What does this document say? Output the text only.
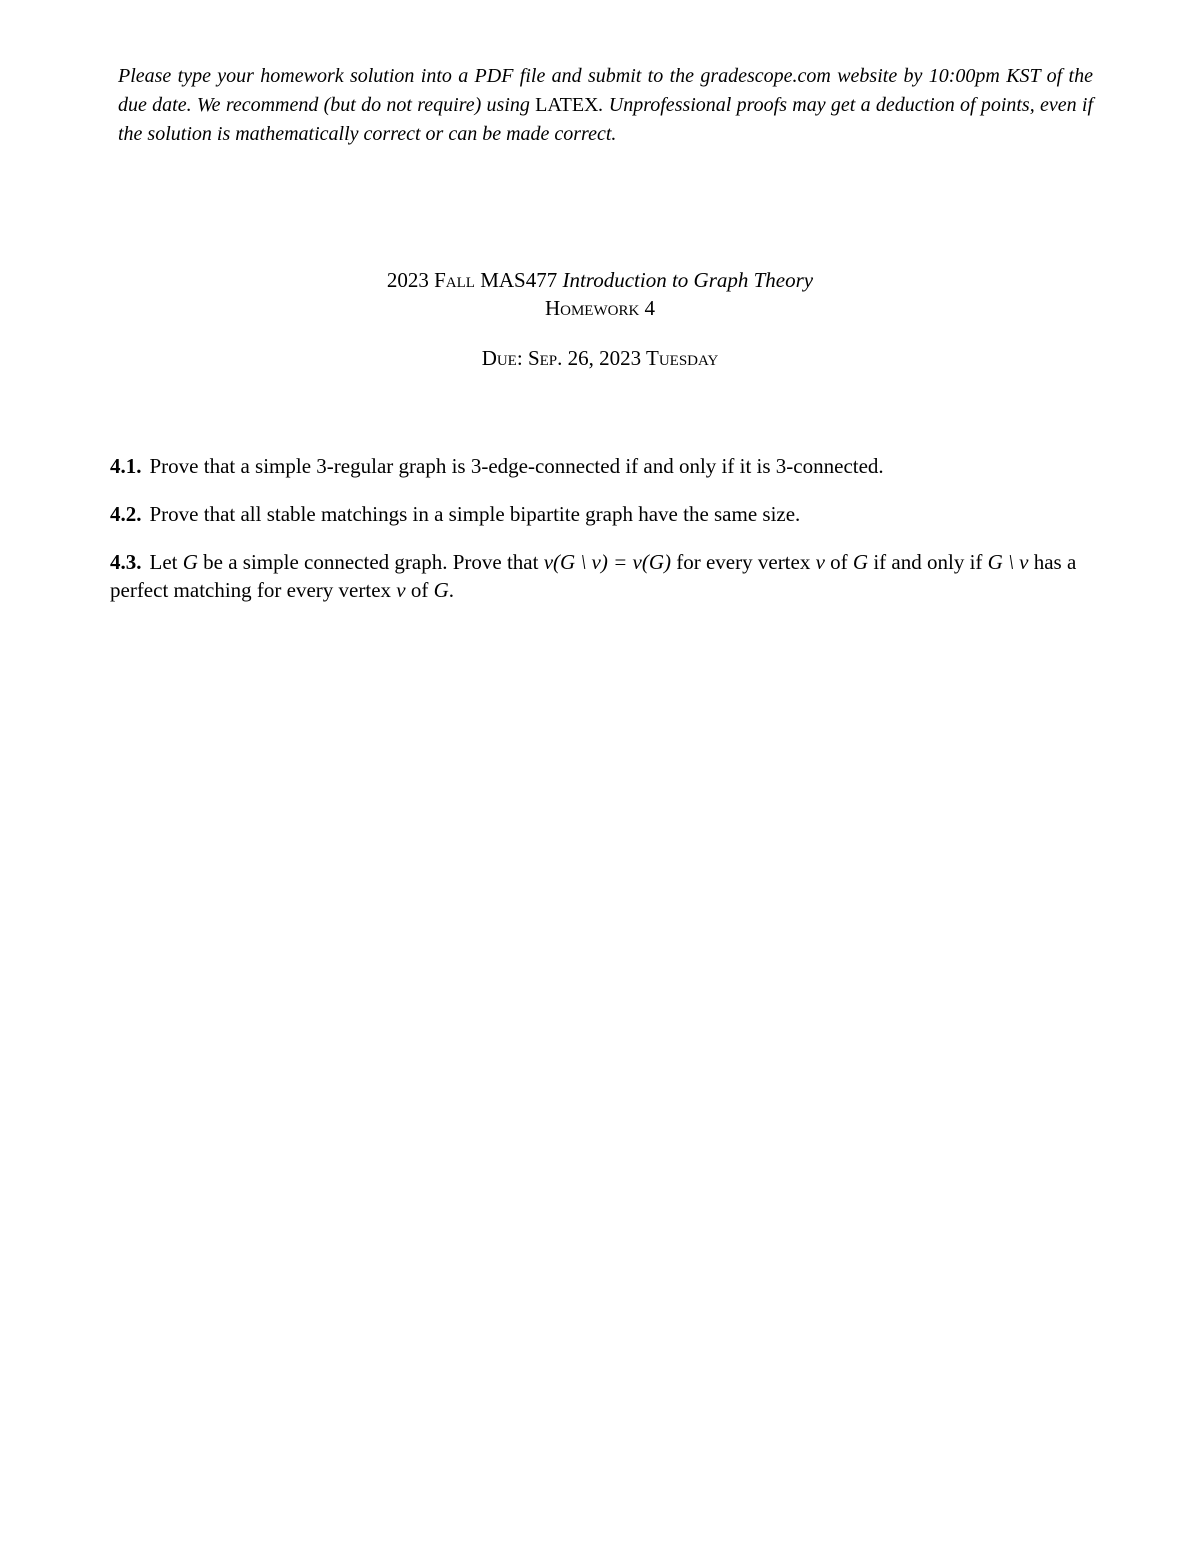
Please type your homework solution into a PDF file and submit to the gradescope.com website by 10:00pm KST of the due date. We recommend (but do not require) using LATEX. Unprofessional proofs may get a deduction of points, even if the solution is mathematically correct or can be made correct.
2023 Fall MAS477 Introduction to Graph Theory
Homework 4
Due: Sep. 26, 2023 Tuesday
4.1. Prove that a simple 3-regular graph is 3-edge-connected if and only if it is 3-connected.
4.2. Prove that all stable matchings in a simple bipartite graph have the same size.
4.3. Let G be a simple connected graph. Prove that ν(G \ v) = ν(G) for every vertex v of G if and only if G \ v has a perfect matching for every vertex v of G.
